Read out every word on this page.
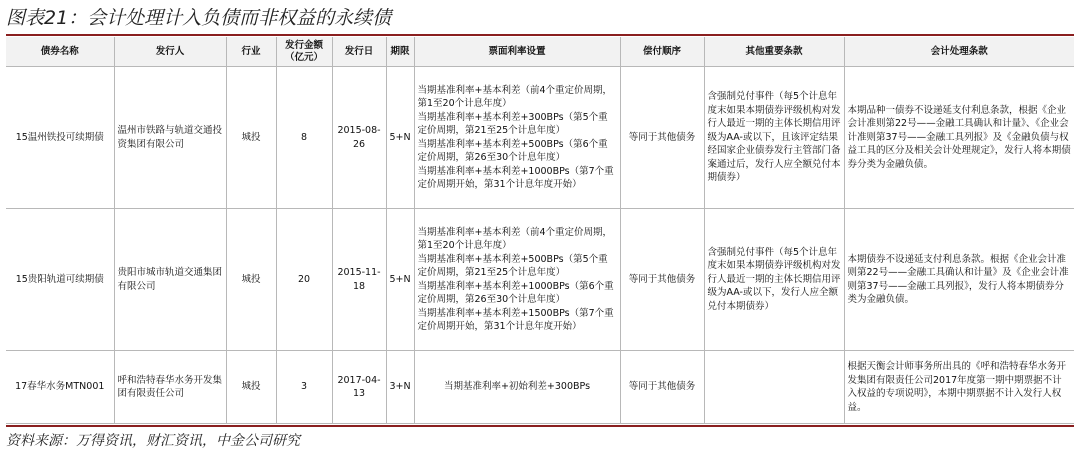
图表21：会计处理计入负债而非权益的永续债
债券名称	发行人	行业	发行金额
（亿元）	发行日	期限	票面利率设置	偿付顺序	其他重要条款	会计处理条款
15温州铁投可续期债	温州市铁路与轨道交通投资集团有限公司	城投	8	2015-08-26	5+N	当期基准利率+基本利差（前4个重定价周期，第1至20个计息年度）
当期基准利率+基本利差+300BPs（第5个重定价周期，第21至25个计息年度）
当期基准利率+基本利差+500BPs（第6个重定价周期，第26至30个计息年度）
当期基准利率+基本利差+1000BPs（第7个重定价周期开始，第31个计息年度开始）	等同于其他债务	含强制兑付事件（每5个计息年度末如果本期债券评级机构对发行人最近一期的主体长期信用评级为AA-或以下，且该评定结果经国家企业债券发行主管部门备案通过后，发行人应全额兑付本期债券）	本期品种一债券不设递延支付利息条款，根据《企业会计准则第22号——金融工具确认和计量》、《企业会计准则第37号——金融工具列报》及《金融负债与权益工具的区分及相关会计处理规定》，发行人将本期债券分类为金融负债。
15贵阳轨道可续期债	贵阳市城市轨道交通集团有限公司	城投	20	2015-11-18	5+N	当期基准利率+基本利差（前4个重定价周期，第1至20个计息年度）
当期基准利率+基本利差+500BPs（第5个重定价周期，第21至25个计息年度）
当期基准利率+基本利差+1000BPs（第6个重定价周期，第26至30个计息年度）
当期基准利率+基本利差+1500BPs（第7个重定价周期开始，第31个计息年度开始）	等同于其他债务	含强制兑付事件（每5个计息年度末如果本期债券评级机构对发行人最近一期的主体长期信用评级为AA-或以下，发行人应全额兑付本期债券）	本期债券不设递延支付利息条款。根据《企业会计准则第22号——金融工具确认和计量》及《企业会计准则第37号——金融工具列报》，发行人将本期债券分类为金融负债。
17春华水务MTN001	呼和浩特春华水务开发集团有限责任公司	城投	3	2017-04-13	3+N	当期基准利率+初始利差+300BPs	等同于其他债务		根据天衡会计师事务所出具的《呼和浩特春华水务开发集团有限责任公司2017年度第一期中期票据不计入权益的专项说明》，本期中期票据不计入发行人权益。
资料来源：万得资讯，财汇资讯，中金公司研究
